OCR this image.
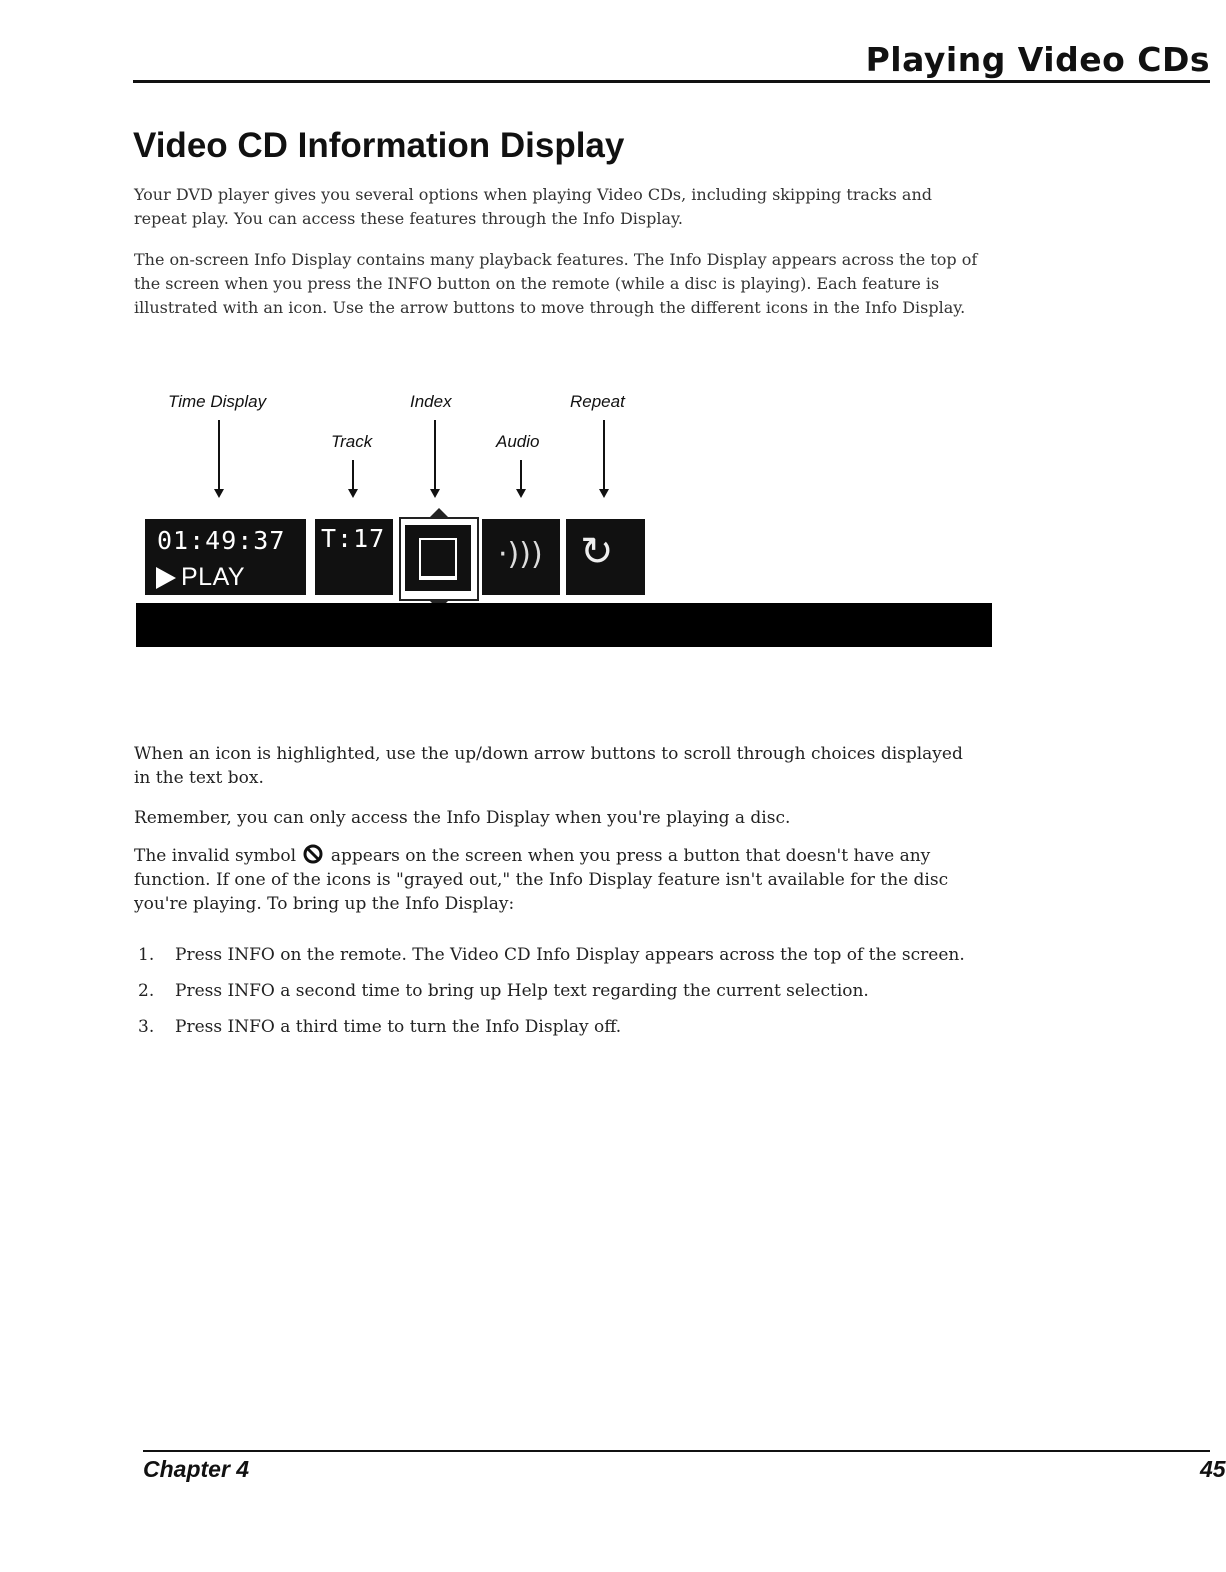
Playing Video CDs
Video CD Information Display

Your DVD player gives you several options when playing Video CDs, including skipping tracks and repeat play. You can access these features through the Info Display.

The on-screen Info Display contains many playback features. The Info Display appears across the top of the screen when you press the INFO button on the remote (while a disc is playing). Each feature is illustrated with an icon. Use the arrow buttons to move through the different icons in the Info Display.

Time Display
Track
Index
Audio
Repeat
01:49:37
PLAY
T:17	·))) ↻

When an icon is highlighted, use the up/down arrow buttons to scroll through choices displayed in the text box.

Remember, you can only access the Info Display when you're playing a disc.

The invalid symbol appears on the screen when you press a button that doesn't have any function. If one of the icons is "grayed out," the Info Display feature isn't available for the disc you're playing. To bring up the Info Display:

1. Press INFO on the remote. The Video CD Info Display appears across the top of the screen.
2. Press INFO a second time to bring up Help text regarding the current selection.
3. Press INFO a third time to turn the Info Display off.
Chapter 4	45
